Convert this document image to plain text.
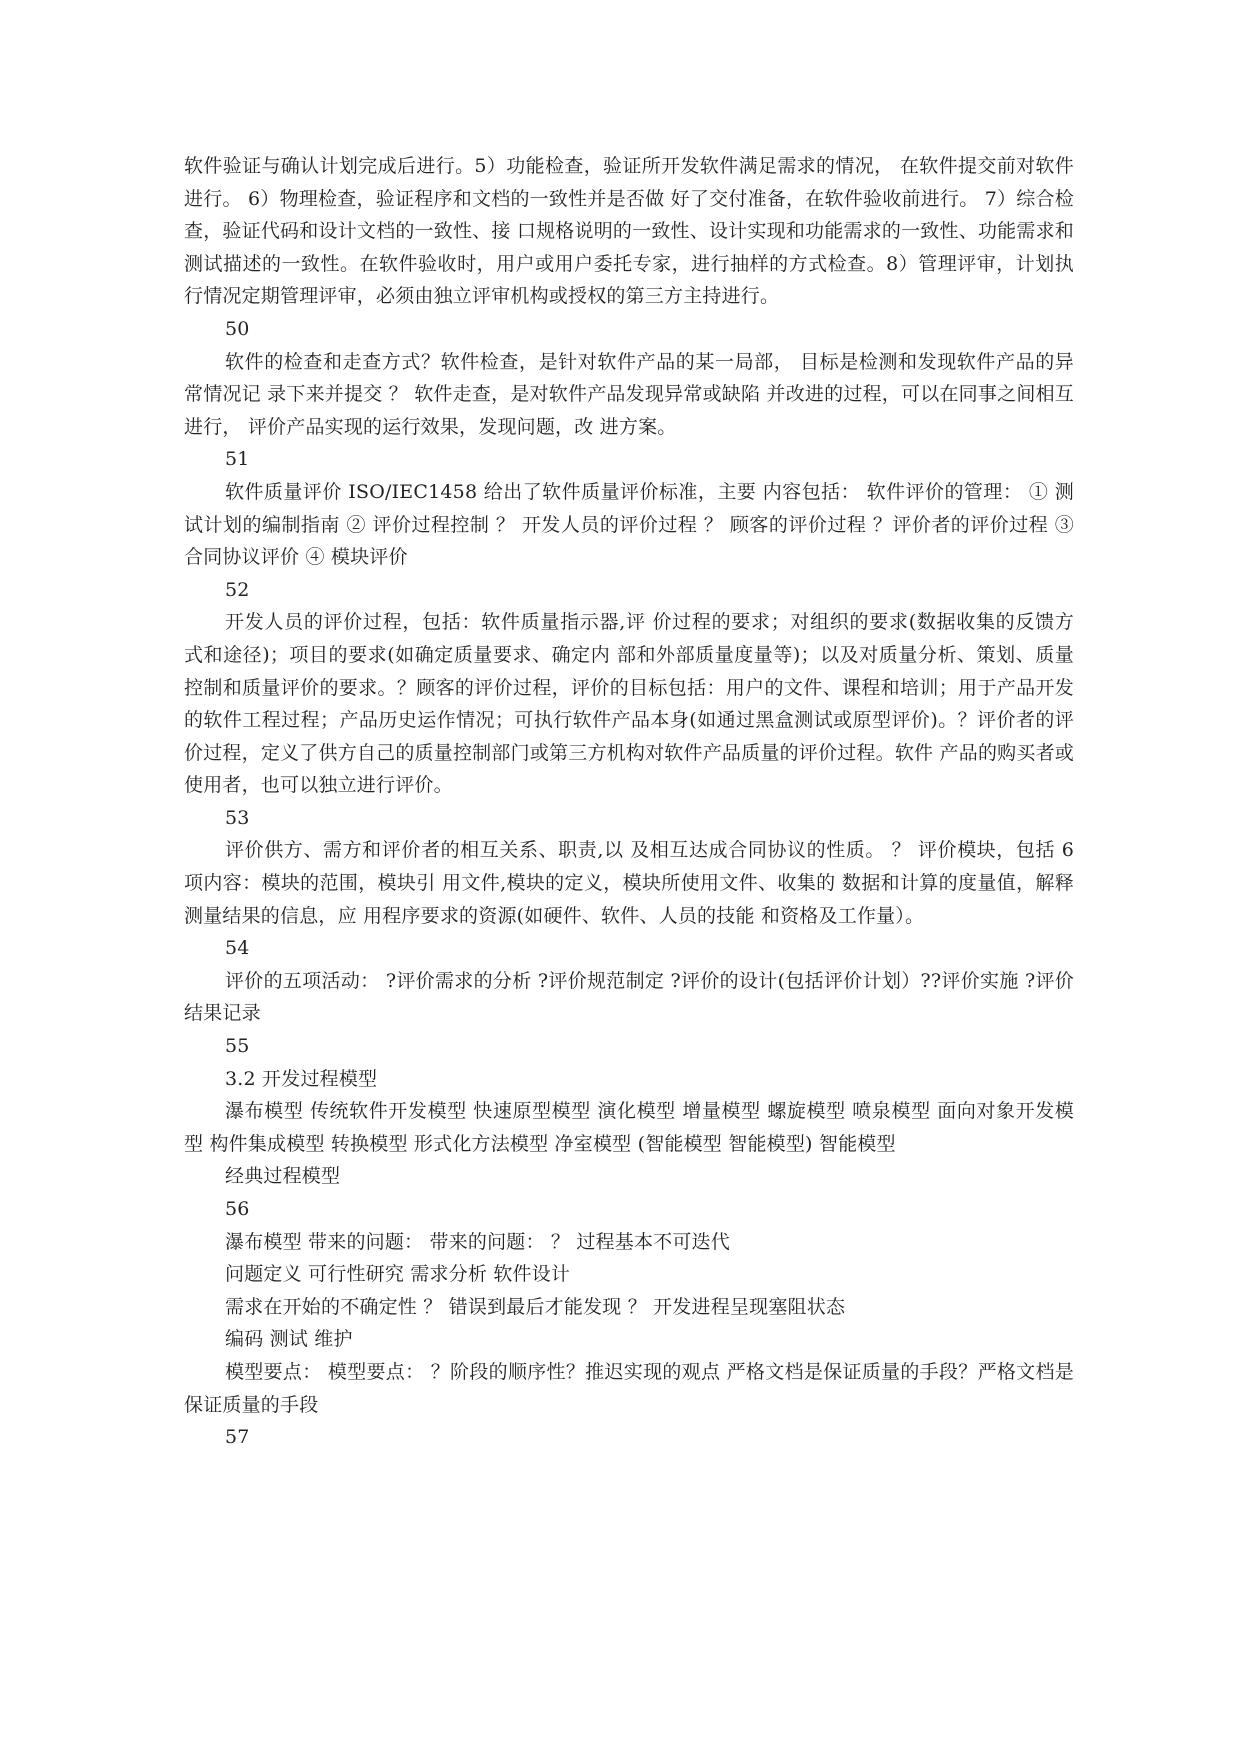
软件验证与确认计划完成后进行。5）功能检查，验证所开发软件满足需求的情况， 在软件提交前对软件进行。 6）物理检查，验证程序和文档的一致性并是否做 好了交付准备，在软件验收前进行。 7）综合检查，验证代码和设计文档的一致性、接 口规格说明的一致性、设计实现和功能需求的一致性、功能需求和测试描述的一致性。在软件验收时，用户或用户委托专家，进行抽样的方式检查。8）管理评审，计划执行情况定期管理评审，必须由独立评审机构或授权的第三方主持进行。

50

软件的检查和走查方式？软件检查，是针对软件产品的某一局部， 目标是检测和发现软件产品的异常情况记 录下来并提交 ？ 软件走查，是对软件产品发现异常或缺陷 并改进的过程，可以在同事之间相互进行， 评价产品实现的运行效果，发现问题，改 进方案。

51

软件质量评价 ISO/IEC1458 给出了软件质量评价标准，主要 内容包括： 软件评价的管理： ① 测试计划的编制指南 ② 评价过程控制 ？ 开发人员的评价过程 ？ 顾客的评价过程 ？评价者的评价过程 ③ 合同协议评价 ④ 模块评价

52

开发人员的评价过程，包括：软件质量指示器,评 价过程的要求；对组织的要求(数据收集的反馈方 式和途径)；项目的要求(如确定质量要求、确定内 部和外部质量度量等)；以及对质量分析、策划、质量控制和质量评价的要求。？顾客的评价过程，评价的目标包括：用户的文件、课程和培训；用于产品开发的软件工程过程；产品历史运作情况；可执行软件产品本身(如通过黑盒测试或原型评价)。？评价者的评价过程，定义了供方自己的质量控制部门或第三方机构对软件产品质量的评价过程。软件 产品的购买者或使用者，也可以独立进行评价。

53

评价供方、需方和评价者的相互关系、职责,以 及相互达成合同协议的性质。 ？ 评价模块，包括 6 项内容：模块的范围，模块引 用文件,模块的定义，模块所使用文件、收集的 数据和计算的度量值，解释测量结果的信息，应 用程序要求的资源(如硬件、软件、人员的技能 和资格及工作量）。

54

评价的五项活动： ?评价需求的分析 ?评价规范制定 ?评价的设计(包括评价计划）??评价实施 ?评价结果记录

55

3.2 开发过程模型

瀑布模型 传统软件开发模型 快速原型模型 演化模型 增量模型 螺旋模型 喷泉模型 面向对象开发模型 构件集成模型 转换模型 形式化方法模型 净室模型 (智能模型 智能模型) 智能模型

经典过程模型

56

瀑布模型 带来的问题： 带来的问题： ？ 过程基本不可迭代

问题定义 可行性研究 需求分析 软件设计

需求在开始的不确定性 ？ 错误到最后才能发现 ？ 开发进程呈现塞阻状态

编码 测试 维护

模型要点： 模型要点： ？阶段的顺序性？推迟实现的观点 严格文档是保证质量的手段？严格文档是保证质量的手段

57
